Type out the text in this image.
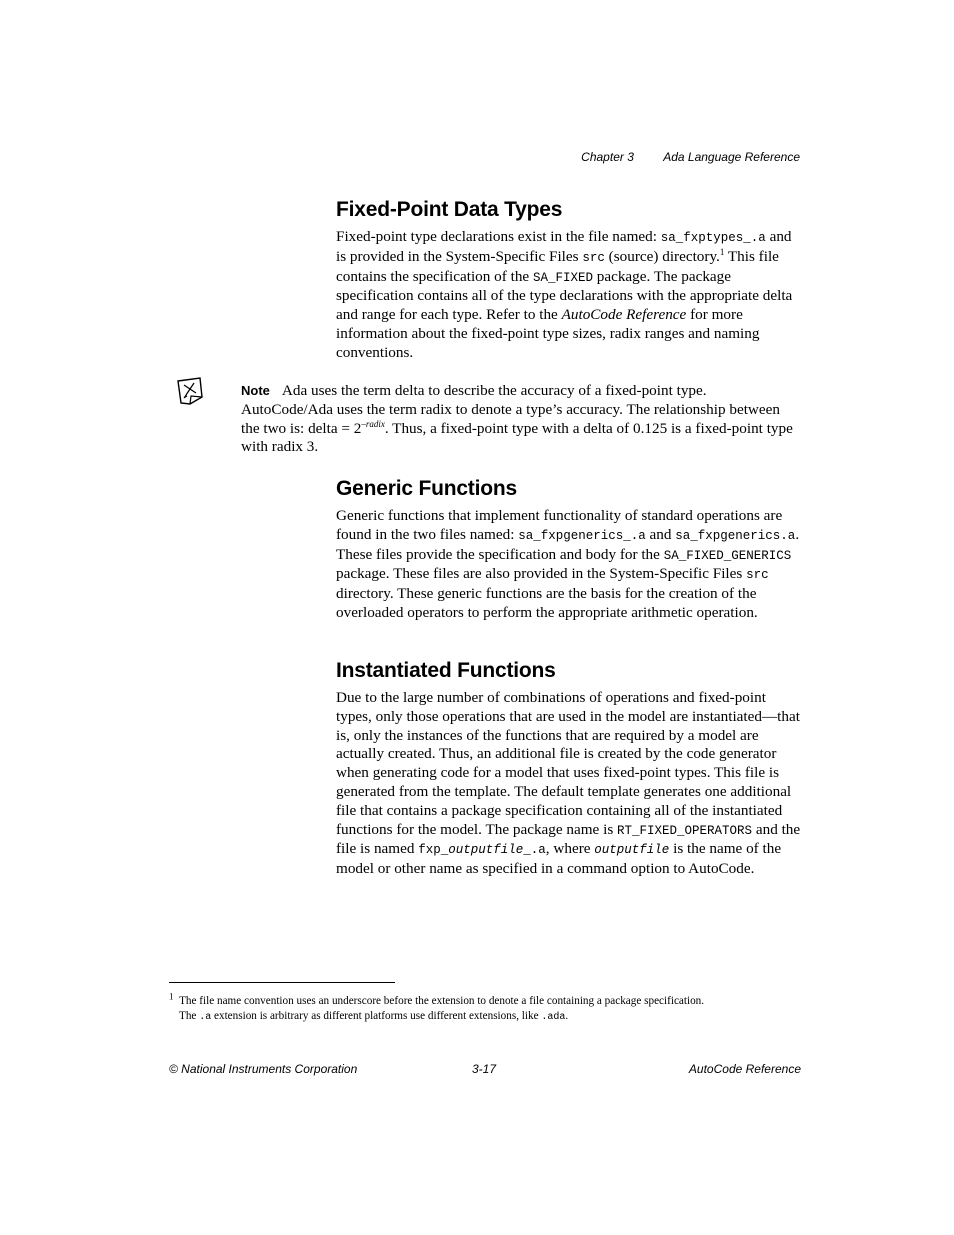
Chapter 3 Ada Language Reference
Fixed-Point Data Types

Fixed-point type declarations exist in the file named: sa_fxptypes_.a and is provided in the System-Specific Files src (source) directory.$^1$ This file contains the specification of the SA_FIXED package. The package specification contains all of the type declarations with the appropriate delta and range for each type. Refer to the AutoCode Reference for more information about the fixed-point type sizes, radix ranges and naming conventions.

Note Ada uses the term delta to describe the accuracy of a fixed-point type. AutoCode/Ada uses the term radix to denote a type’s accuracy. The relationship between the two is: delta = $2^{-radix}$. Thus, a fixed-point type with a delta of 0.125 is a fixed-point type with radix 3.

Generic Functions

Generic functions that implement functionality of standard operations are found in the two files named: sa_fxpgenerics_.a and sa_fxpgenerics.a. These files provide the specification and body for the SA_FIXED_GENERICS package. These files are also provided in the System-Specific Files src directory. These generic functions are the basis for the creation of the overloaded operators to perform the appropriate arithmetic operation.

Instantiated Functions

Due to the large number of combinations of operations and fixed-point types, only those operations that are used in the model are instantiated—that is, only the instances of the functions that are required by a model are actually created. Thus, an additional file is created by the code generator when generating code for a model that uses fixed-point types. This file is generated from the template. The default template generates one additional file that contains a package specification containing all of the instantiated functions for the model. The package name is RT_FIXED_OPERATORS and the file is named fxp_outputfile_.a, where outputfile is the name of the model or other name as specified in a command option to AutoCode.

$^1$ The file name convention uses an underscore before the extension to denote a file containing a package specification.
The .a extension is arbitrary as different platforms use different extensions, like .ada.
© National Instruments Corporation	3-17	AutoCode Reference
